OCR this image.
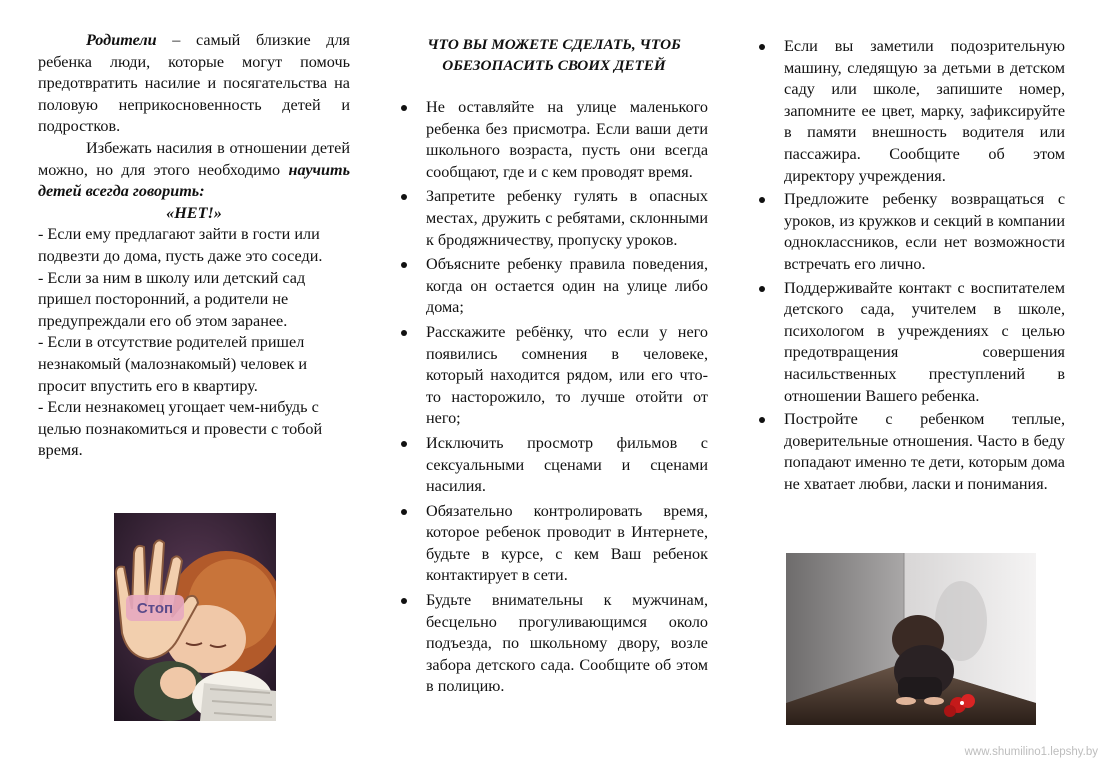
Родители – самый близкие для ребенка люди, которые могут помочь предотвратить насилие и посягательства на половую неприкосновенность детей и подростков.

Избежать насилия в отношении детей можно, но для этого необходимо научить детей всегда говорить:

«НЕТ!»

- Если ему предлагают зайти в гости или подвезти до дома, пусть даже это соседи.

- Если за ним в школу или детский сад пришел посторонний, а родители не предупреждали его об этом заранее.

- Если в отсутствие родителей пришел незнакомый (малознакомый) человек и просит впустить его в квартиру.

- Если незнакомец угощает чем-нибудь с целью познакомиться и провести с тобой время.

Стоп
ЧТО ВЫ МОЖЕТЕ СДЕЛАТЬ, ЧТОБ
ОБЕЗОПАСИТЬ СВОИХ ДЕТЕЙ
Не оставляйте на улице маленького ребенка без присмотра. Если ваши дети школьного возраста, пусть они всегда сообщают, где и с кем проводят время.
Запретите ребенку гулять в опасных местах, дружить с ребятами, склонными к бродяжничеству, пропуску уроков.
Объясните ребенку правила поведения, когда он остается один на улице либо дома;
Расскажите ребёнку, что если у него появились сомнения в человеке, который находится рядом, или его что-то насторожило, то лучше отойти от него;
Исключить просмотр фильмов с сексуальными сценами и сценами насилия.
Обязательно контролировать время, которое ребенок проводит в Интернете, будьте в курсе, с кем Ваш ребенок контактирует в сети.
Будьте внимательны к мужчинам, бесцельно прогуливающимся около подъезда, по школьному двору, возле забора детского сада. Сообщите об этом в полицию.
Если вы заметили подозрительную машину, следящую за детьми в детском саду или школе, запишите номер, запомните ее цвет, марку, зафиксируйте в памяти внешность водителя или пассажира. Сообщите об этом директору учреждения.
Предложите ребенку возвращаться с уроков, из кружков и секций в компании одноклассников, если нет возможности встречать его лично.
Поддерживайте контакт с воспитателем детского сада, учителем в школе, психологом в учреждениях с целью предотвращения совершения насильственных преступлений в отношении Вашего ребенка.
Постройте с ребенком теплые, доверительные отношения. Часто в беду попадают именно те дети, которым дома не хватает любви, ласки и понимания.
www.shumilino1.lepshy.by
